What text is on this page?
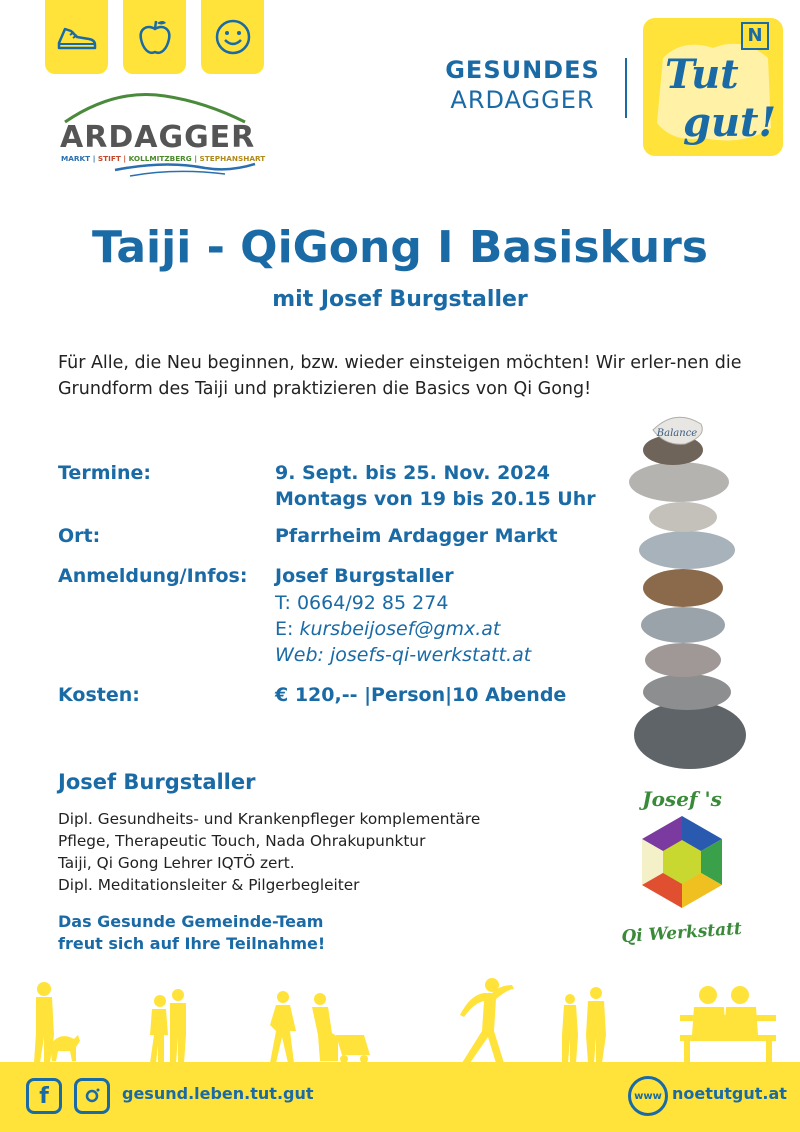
ARDAGGER
MARKT | STIFT | KOLLMITZBERG | STEPHANSHART
GESUNDES
ARDAGGER
Tut
gut!
N
Taiji - QiGong I Basiskurs
mit Josef Burgstaller
Für Alle, die Neu beginnen, bzw. wieder einsteigen möchten! Wir erler-nen die Grundform des Taiji und praktizieren die Basics von Qi Gong!
Termine:	9. Sept. bis 25. Nov. 2024
Montags von 19 bis 20.15 Uhr
Ort:	Pfarrheim Ardagger Markt
Anmeldung/Infos: Josef Burgstaller
T: 0664/92 85 274
E: kursbeijosef@gmx.at
Web: josefs-qi-werkstatt.at
Kosten:	€ 120,-- |Person|10 Abende
Balance
Josef Burgstaller
Dipl. Gesundheits- und Krankenpfleger komplementäre
Pflege, Therapeutic Touch, Nada Ohrakupunktur
Taiji, Qi Gong Lehrer IQTÖ zert.
Dipl. Meditationsleiter & Pilgerbegleiter
Das Gesunde Gemeinde-Team
freut sich auf Ihre Teilnahme!
Josef 's
Qi Werkstatt
f	gesund.leben.tut.gut	www noetutgut.at
